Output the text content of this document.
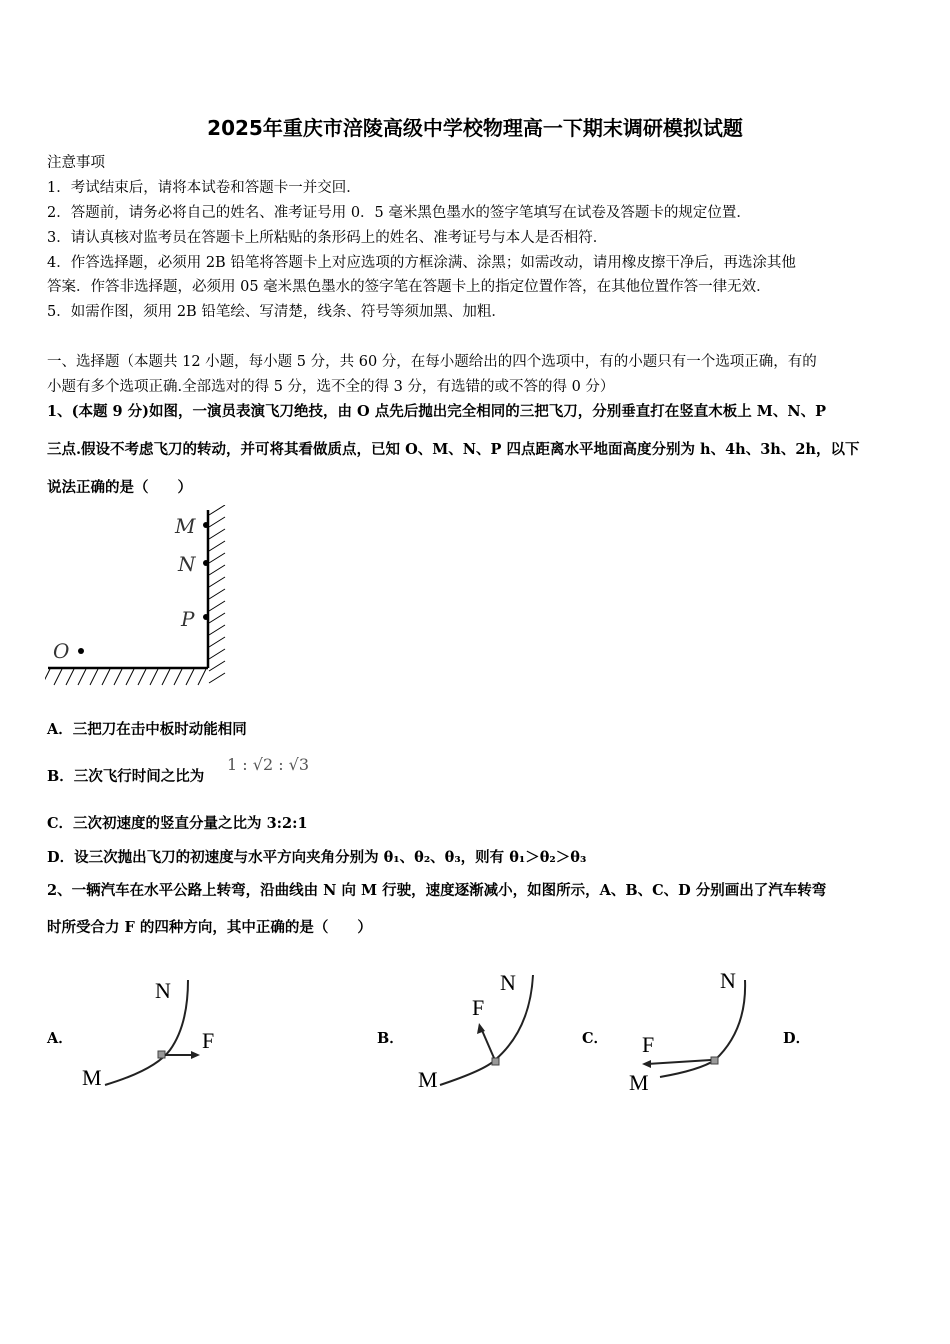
2025年重庆市涪陵高级中学校物理高一下期末调研模拟试题
注意事项
1．考试结束后，请将本试卷和答题卡一并交回．
2．答题前，请务必将自己的姓名、准考证号用 0．5 毫米黑色墨水的签字笔填写在试卷及答题卡的规定位置．
3．请认真核对监考员在答题卡上所粘贴的条形码上的姓名、准考证号与本人是否相符．
4．作答选择题，必须用 2B 铅笔将答题卡上对应选项的方框涂满、涂黑；如需改动，请用橡皮擦干净后，再选涂其他
答案．作答非选择题，必须用 05 毫米黑色墨水的签字笔在答题卡上的指定位置作答，在其他位置作答一律无效．
5．如需作图，须用 2B 铅笔绘、写清楚，线条、符号等须加黑、加粗．
一、选择题（本题共 12 小题，每小题 5 分，共 60 分，在每小题给出的四个选项中，有的小题只有一个选项正确，有的
小题有多个选项正确.全部选对的得 5 分，选不全的得 3 分，有选错的或不答的得 0 分）
1、(本题 9 分)如图，一演员表演飞刀绝技，由 O 点先后抛出完全相同的三把飞刀，分别垂直打在竖直木板上 M、N、P
三点.假设不考虑飞刀的转动，并可将其看做质点，已知 O、M、N、P 四点距离水平地面高度分别为 h、4h、3h、2h，以下
说法正确的是（　　）
M
N
P
O
A．三把刀在击中板时动能相同
B．三次飞行时间之比为
1 : √2 : √3
C．三次初速度的竖直分量之比为 3:2:1
D．设三次抛出飞刀的初速度与水平方向夹角分别为 θ₁、θ₂、θ₃，则有 θ₁＞θ₂＞θ₃
2、一辆汽车在水平公路上转弯，沿曲线由 N 向 M 行驶，速度逐渐减小，如图所示，A、B、C、D 分别画出了汽车转弯
时所受合力 F 的四种方向，其中正确的是（　　）
A．	B．	C．	D．
N
M
F
N
M
F
N
M
F
